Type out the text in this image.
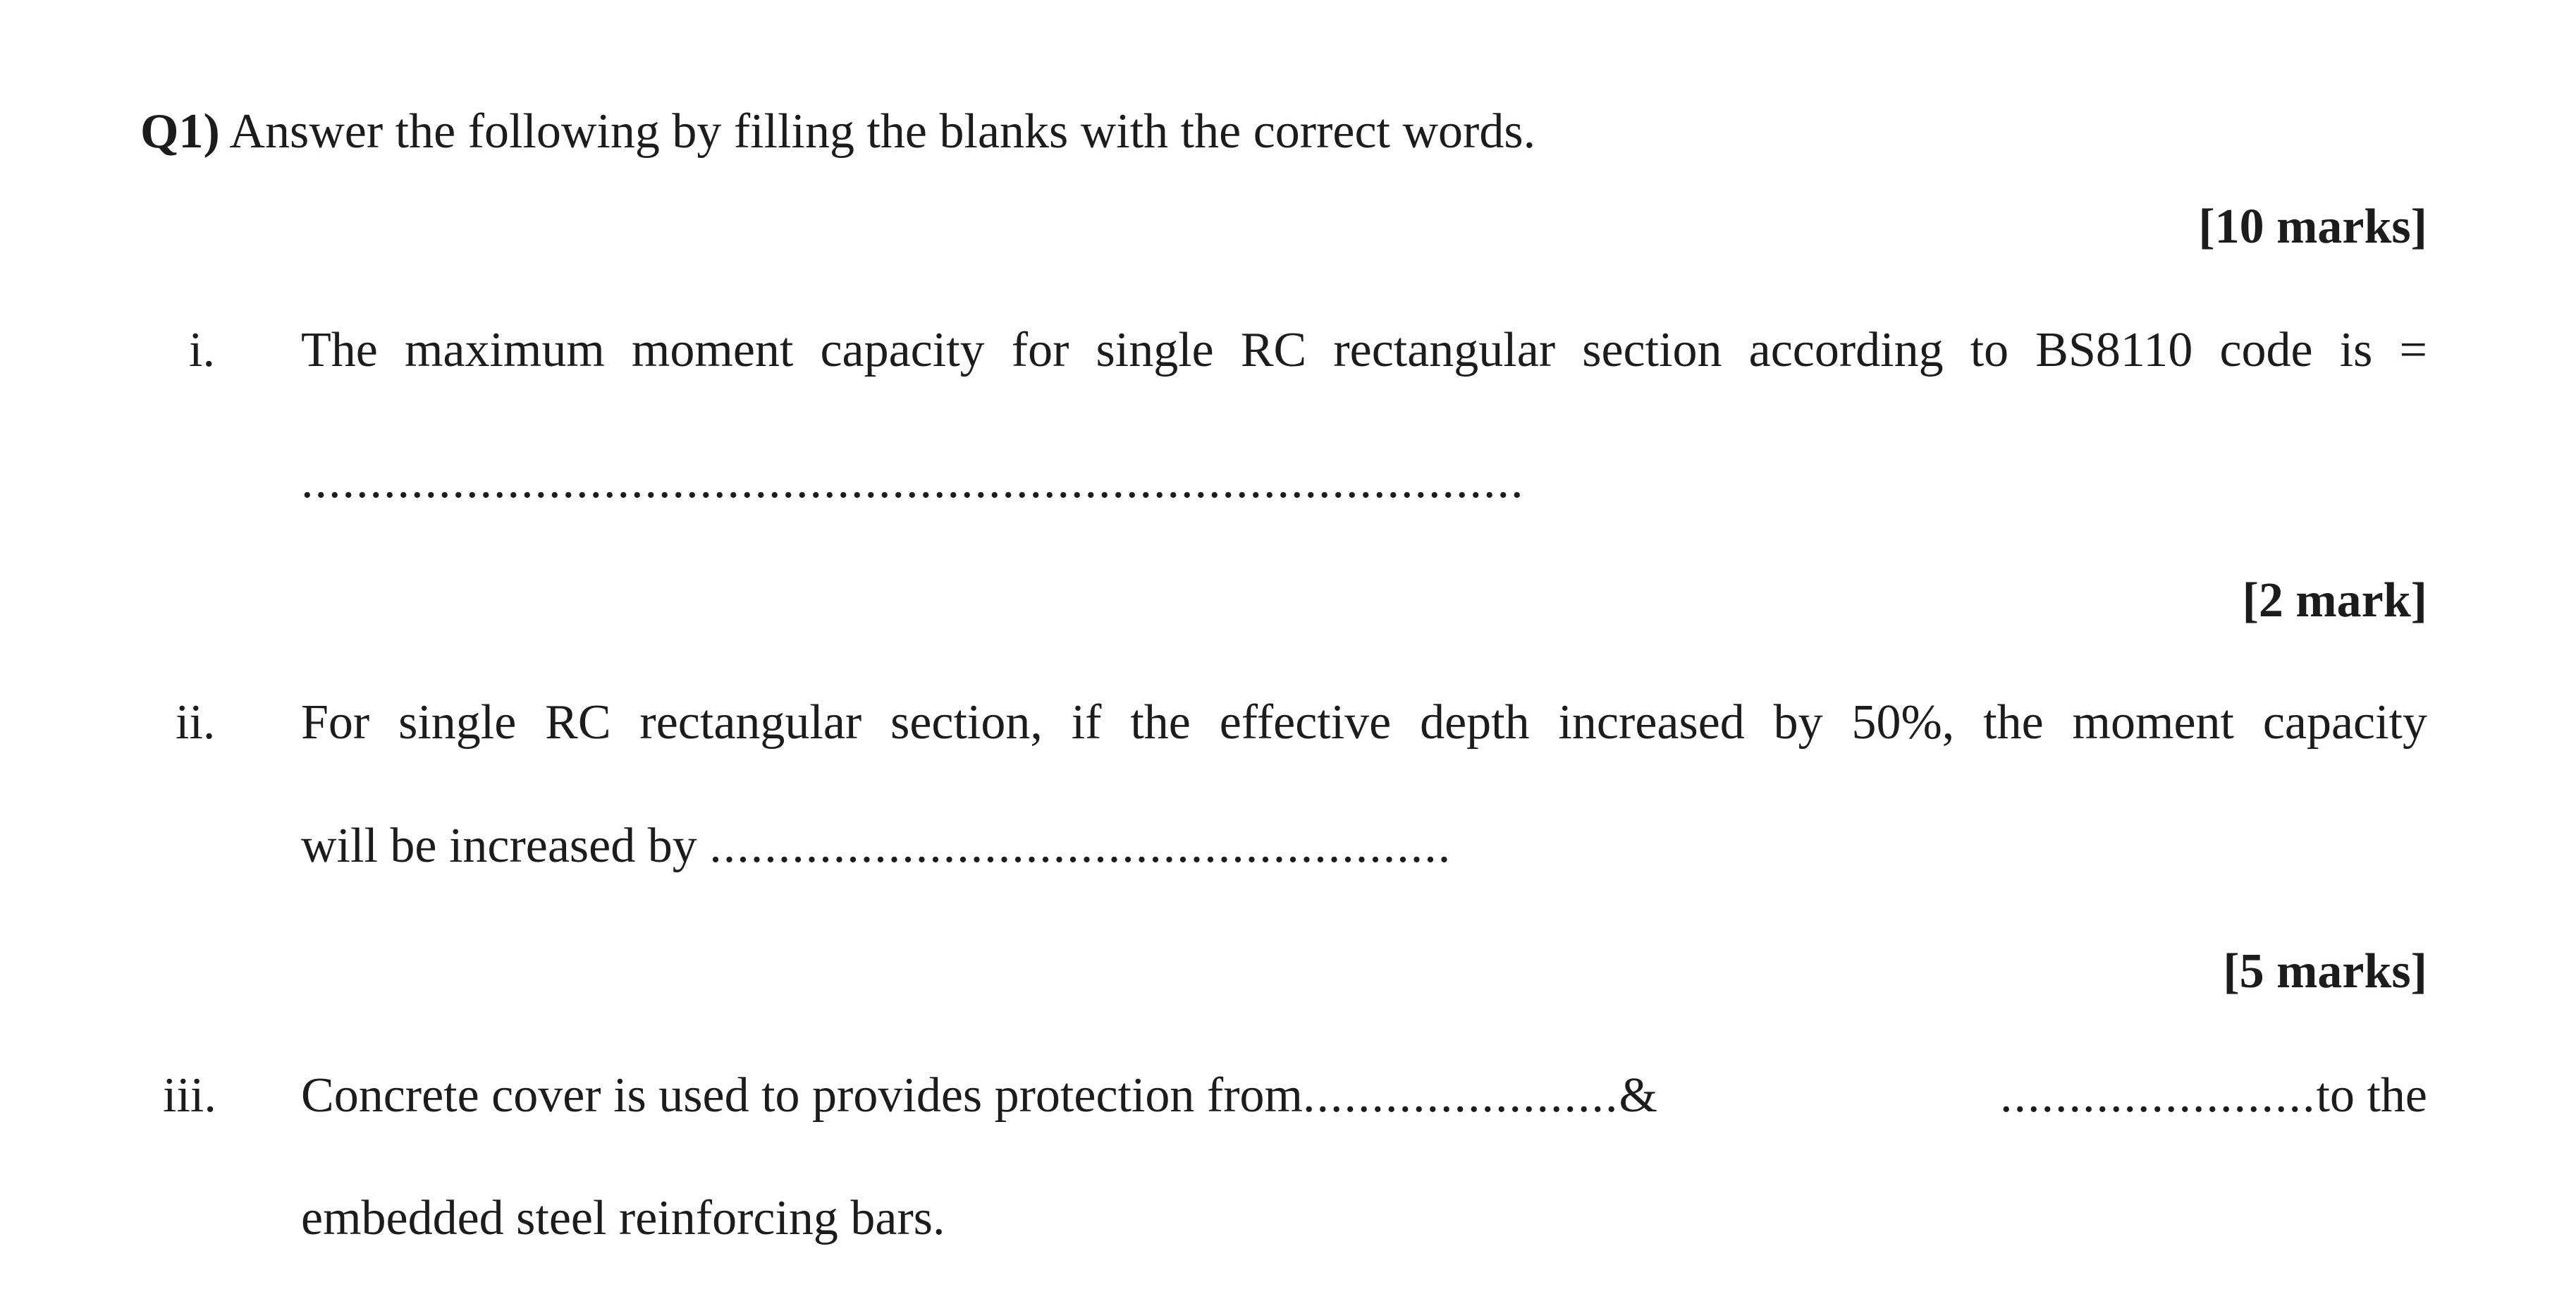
Q1) Answer the following by filling the blanks with the correct words.
[10 marks]
i. The maximum moment capacity for single RC rectangular section according to BS8110 code is =
.........................................................................................
[2 mark]
ii. For single RC rectangular section, if the effective depth increased by 50%, the moment capacity
will be increased by ......................................................
[5 marks]
iii. Concrete cover is used to provides protection from.......................&	.......................to the
embedded steel reinforcing bars.
